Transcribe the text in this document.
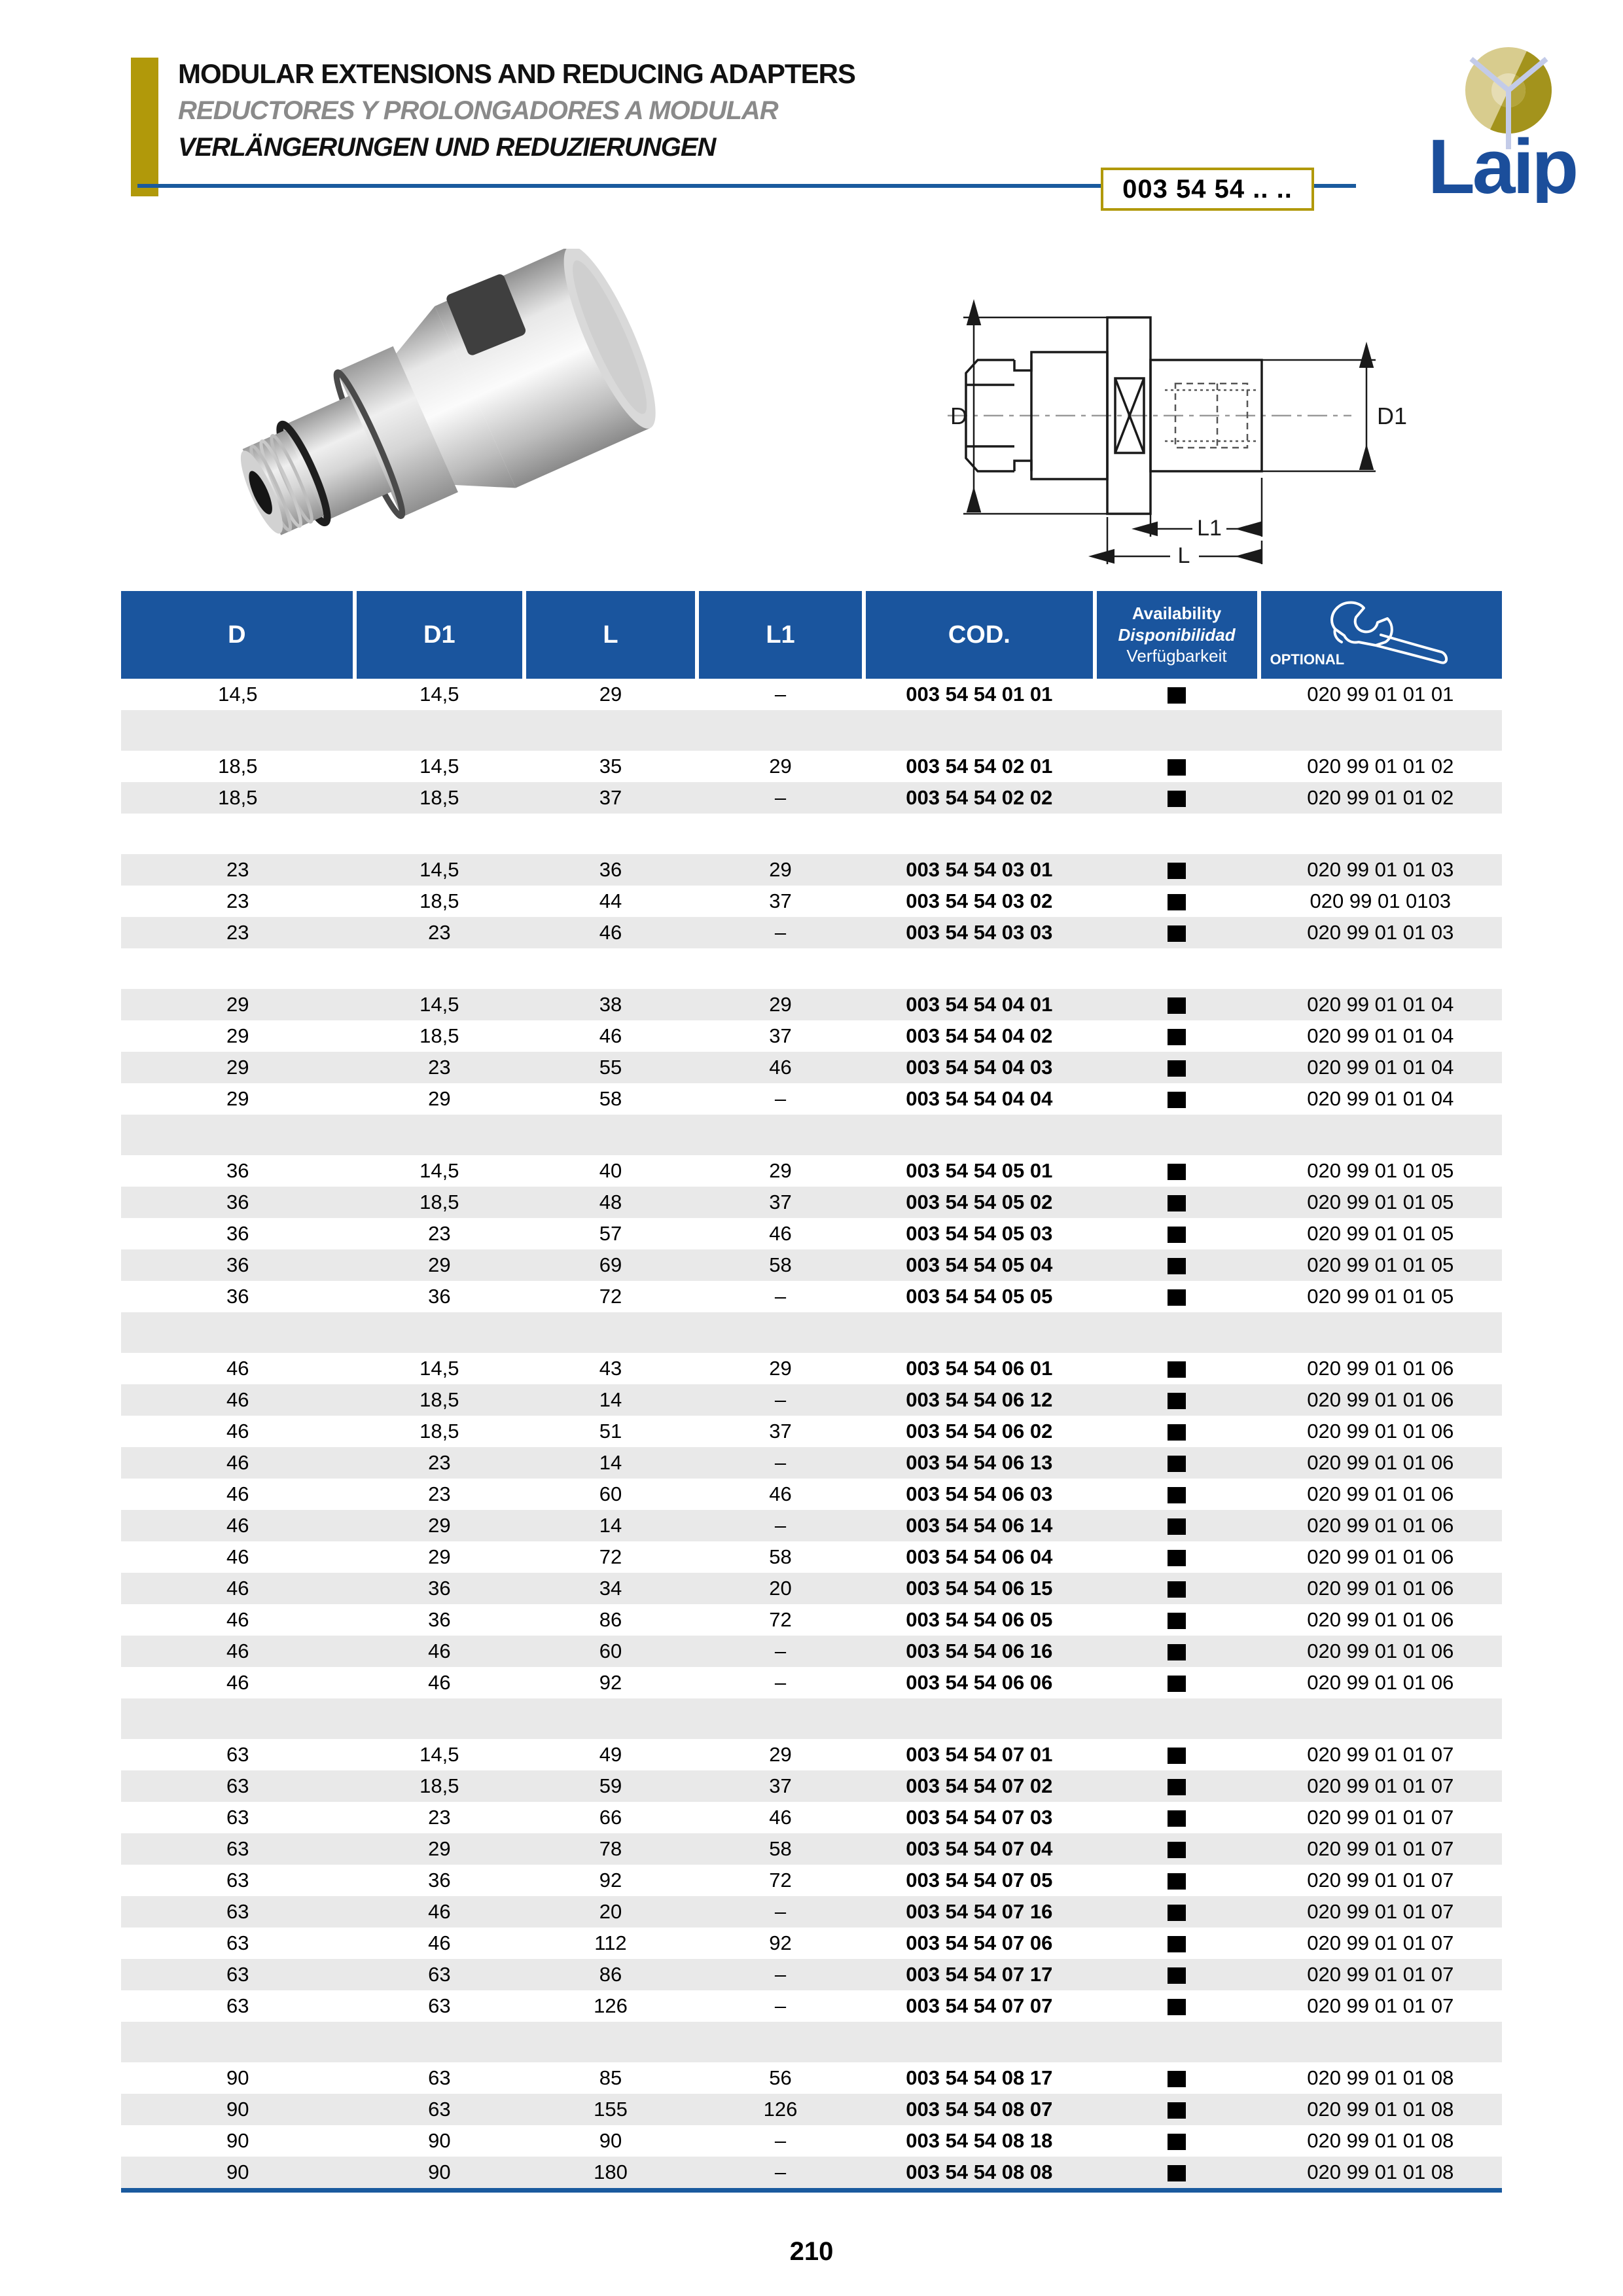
MODULAR EXTENSIONS AND REDUCING ADAPTERS
REDUCTORES Y PROLONGADORES A MODULAR
VERLÄNGERUNGEN UND REDUZIERUNGEN
003 54 54 .. .. Laip
D	D1
L1
L
D	D1	L	L1	COD.	Availability
Disponibilidad
Verfügbarkeit	OPTIONAL

14,5	14,5	29	–	003 54 54 01 01		020 99 01 01 01

18,5	14,5	35	29	003 54 54 02 01		020 99 01 01 02
18,5	18,5	37	–	003 54 54 02 02		020 99 01 01 02

23	14,5	36	29	003 54 54 03 01		020 99 01 01 03
23	18,5	44	37	003 54 54 03 02		020 99 01 0103
23	23	46	–	003 54 54 03 03		020 99 01 01 03

29	14,5	38	29	003 54 54 04 01		020 99 01 01 04
29	18,5	46	37	003 54 54 04 02		020 99 01 01 04
29	23	55	46	003 54 54 04 03		020 99 01 01 04
29	29	58	–	003 54 54 04 04		020 99 01 01 04

36	14,5	40	29	003 54 54 05 01		020 99 01 01 05
36	18,5	48	37	003 54 54 05 02		020 99 01 01 05
36	23	57	46	003 54 54 05 03		020 99 01 01 05
36	29	69	58	003 54 54 05 04		020 99 01 01 05
36	36	72	–	003 54 54 05 05		020 99 01 01 05

46	14,5	43	29	003 54 54 06 01		020 99 01 01 06
46	18,5	14	–	003 54 54 06 12		020 99 01 01 06
46	18,5	51	37	003 54 54 06 02		020 99 01 01 06
46	23	14	–	003 54 54 06 13		020 99 01 01 06
46	23	60	46	003 54 54 06 03		020 99 01 01 06
46	29	14	–	003 54 54 06 14		020 99 01 01 06
46	29	72	58	003 54 54 06 04		020 99 01 01 06
46	36	34	20	003 54 54 06 15		020 99 01 01 06
46	36	86	72	003 54 54 06 05		020 99 01 01 06
46	46	60	–	003 54 54 06 16		020 99 01 01 06
46	46	92	–	003 54 54 06 06		020 99 01 01 06

63	14,5	49	29	003 54 54 07 01		020 99 01 01 07
63	18,5	59	37	003 54 54 07 02		020 99 01 01 07
63	23	66	46	003 54 54 07 03		020 99 01 01 07
63	29	78	58	003 54 54 07 04		020 99 01 01 07
63	36	92	72	003 54 54 07 05		020 99 01 01 07
63	46	20	–	003 54 54 07 16		020 99 01 01 07
63	46	112	92	003 54 54 07 06		020 99 01 01 07
63	63	86	–	003 54 54 07 17		020 99 01 01 07
63	63	126	–	003 54 54 07 07		020 99 01 01 07

90	63	85	56	003 54 54 08 17		020 99 01 01 08
90	63	155	126	003 54 54 08 07		020 99 01 01 08
90	90	90	–	003 54 54 08 18		020 99 01 01 08
90	90	180	–	003 54 54 08 08		020 99 01 01 08
210
